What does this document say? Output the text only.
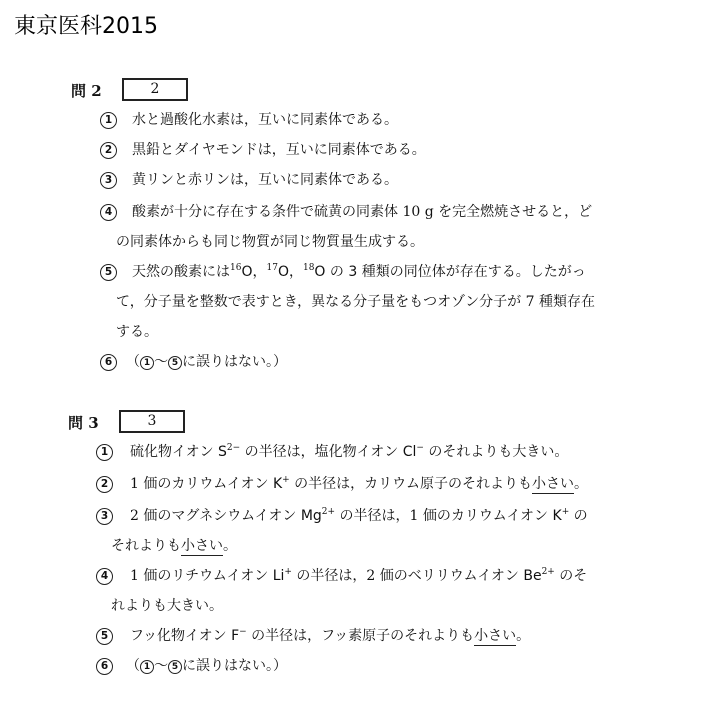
東京医科2015
問 2	2
1	水と過酸化水素は，互いに同素体である。
2	黒鉛とダイヤモンドは，互いに同素体である。
3	黄リンと赤リンは，互いに同素体である。
4	酸素が十分に存在する条件で硫黄の同素体 10 g を完全燃焼させると，ど
の同素体からも同じ物質が同じ物質量生成する。
5	天然の酸素には$^{16}$O，$^{17}$O，$^{18}$O の 3 種類の同位体が存在する。したがっ
て，分子量を整数で表すとき，異なる分子量をもつオゾン分子が 7 種類存在
する。
6 （ 1 ～ 5 に誤りはない。）
問 3	3
1	硫化物イオン $S^{2-}$ の半径は，塩化物イオン Cl− のそれよりも大きい。
2	1 価のカリウムイオン K+ の半径は，カリウム原子のそれよりも小さい。
3	2 価のマグネシウムイオン $Mg^{2+}$ の半径は，1 価のカリウムイオン K+ の
それよりも小さい。
4	1 価のリチウムイオン Li+ の半径は，2 価のベリリウムイオン $Be^{2+}$ のそ
れよりも大きい。
5	フッ化物イオン F− の半径は，フッ素原子のそれよりも小さい。
6	（ 1 ～ 5 に誤りはない。）
